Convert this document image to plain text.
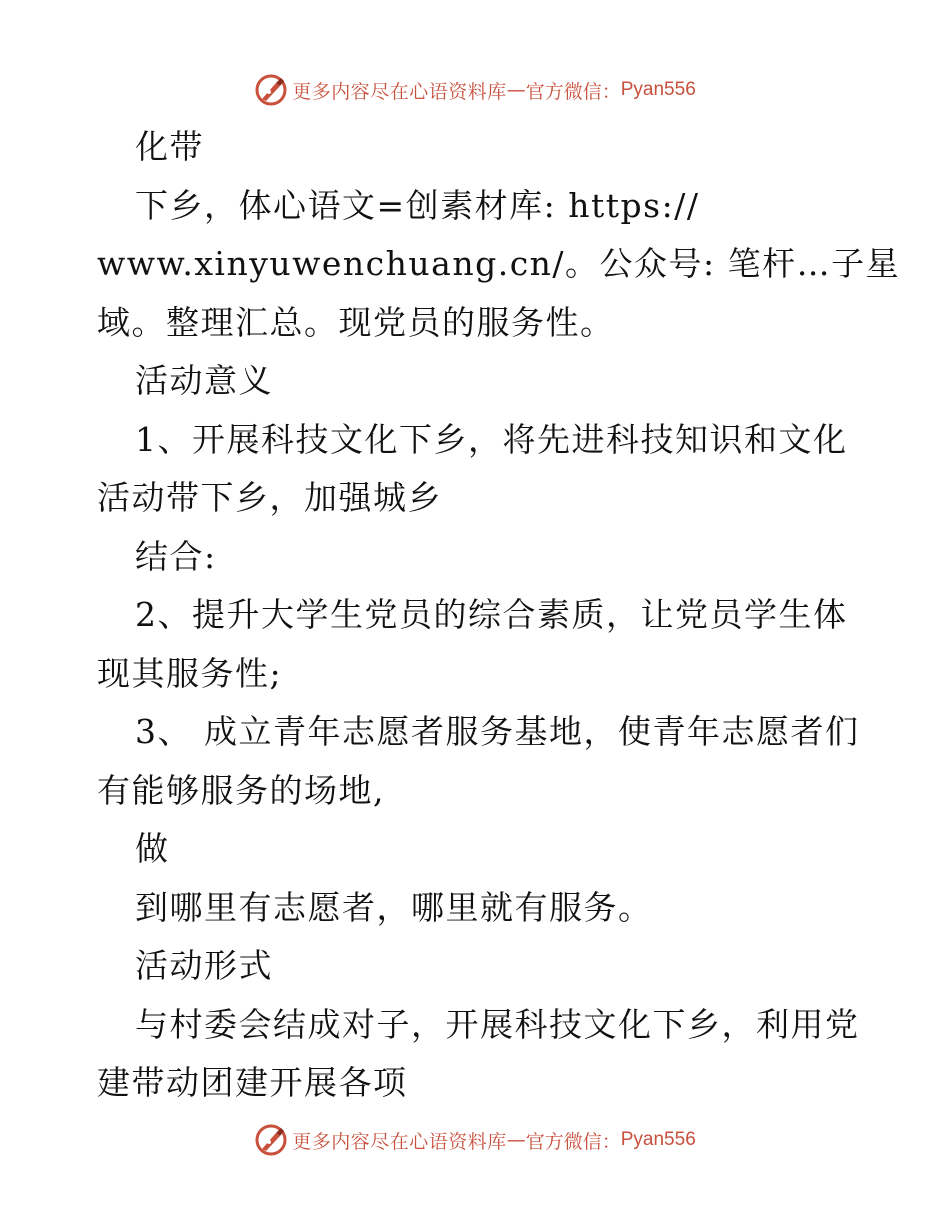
更多内容尽在心语资料库 — 官方微信： Pyan556
化带
下乡，体心语文=创素材库: https://
www.xinyuwenchuang.cn/。公众号: 笔杆…子星
域。整理汇总。现党员的服务性。
活动意义
1、开展科技文化下乡，将先进科技知识和文化
活动带下乡，加强城乡
结合:
2、提升大学生党员的综合素质，让党员学生体
现其服务性;
3、 成立青年志愿者服务基地，使青年志愿者们
有能够服务的场地,
做
到哪里有志愿者，哪里就有服务。
活动形式
与村委会结成对子，开展科技文化下乡，利用党
建带动团建开展各项
更多内容尽在心语资料库 — 官方微信： Pyan556
